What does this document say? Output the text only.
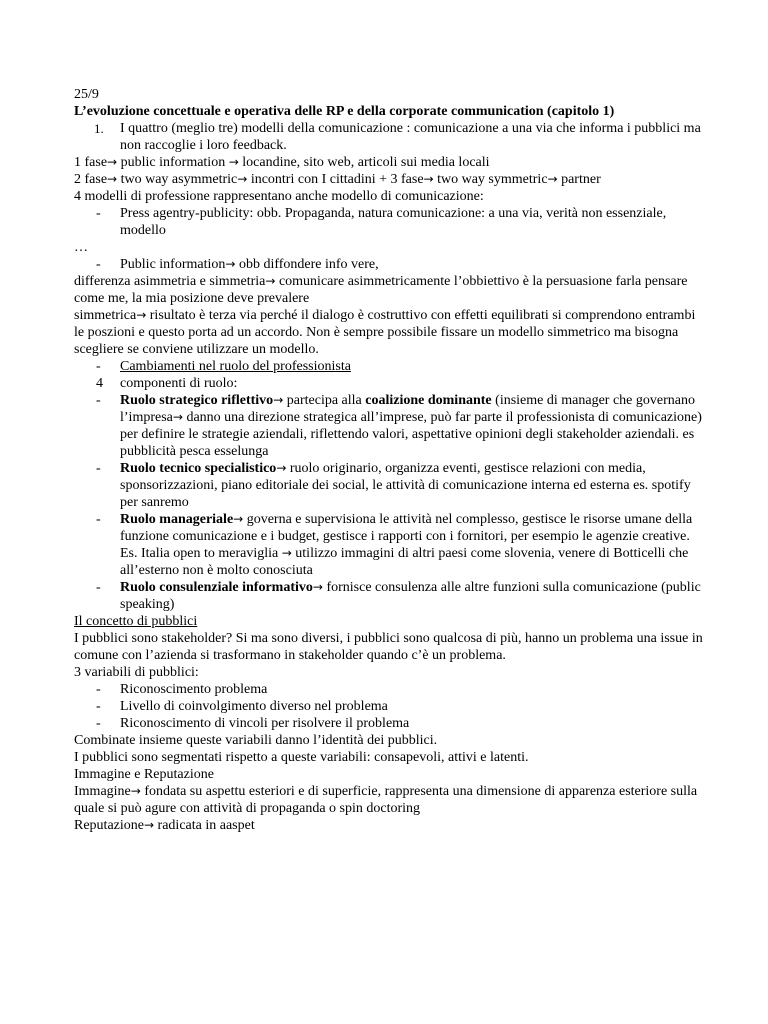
25/9

L’evoluzione concettuale e operativa delle RP e della corporate communication (capitolo 1)

1. I quattro (meglio tre) modelli della comunicazione : comunicazione a una via che informa i pubblici ma non raccoglie i loro feedback.

1 fase→ public information → locandine, sito web, articoli sui media locali

2 fase→ two way asymmetric→ incontri con I cittadini + 3 fase→ two way symmetric→ partner

4 modelli di professione rappresentano anche modello di comunicazione:

- Press agentry-publicity: obb. Propaganda, natura comunicazione: a una via, verità non essenziale, modello

…

- Public information→ obb diffondere info vere,

differenza asimmetria e simmetria→ comunicare asimmetricamente l’obbiettivo è la persuasione farla pensare come me, la mia posizione deve prevalere

simmetrica→ risultato è terza via perché il dialogo è costruttivo con effetti equilibrati si comprendono entrambi le poszioni e questo porta ad un accordo. Non è sempre possibile fissare un modello simmetrico ma bisogna scegliere se conviene utilizzare un modello.

- Cambiamenti nel ruolo del professionista

4 componenti di ruolo:

- Ruolo strategico riflettivo→ partecipa alla coalizione dominante (insieme di manager che governano l’impresa→ danno una direzione strategica all’imprese, può far parte il professionista di comunicazione) per definire le strategie aziendali, riflettendo valori, aspettative opinioni degli stakeholder aziendali. es pubblicità pesca esselunga

- Ruolo tecnico specialistico→ ruolo originario, organizza eventi, gestisce relazioni con media, sponsorizzazioni, piano editoriale dei social, le attività di comunicazione interna ed esterna es. spotify per sanremo

- Ruolo manageriale→ governa e supervisiona le attività nel complesso, gestisce le risorse umane della funzione comunicazione e i budget, gestisce i rapporti con i fornitori, per esempio le agenzie creative. Es. Italia open to meraviglia → utilizzo immagini di altri paesi come slovenia, venere di Botticelli che all’esterno non è molto conosciuta

- Ruolo consulenziale informativo→ fornisce consulenza alle altre funzioni sulla comunicazione (public speaking)

Il concetto di pubblici

I pubblici sono stakeholder? Si ma sono diversi, i pubblici sono qualcosa di più, hanno un problema una issue in comune con l’azienda si trasformano in stakeholder quando c’è un problema.

3 variabili di pubblici:

- Riconoscimento problema

- Livello di coinvolgimento diverso nel problema

- Riconoscimento di vincoli per risolvere il problema

Combinate insieme queste variabili danno l’identità dei pubblici.

I pubblici sono segmentati rispetto a queste variabili: consapevoli, attivi e latenti.

Immagine e Reputazione

Immagine→ fondata su aspettu esteriori e di superficie, rappresenta una dimensione di apparenza esteriore sulla quale si può agure con attività di propaganda o spin doctoring

Reputazione→ radicata in aaspet
